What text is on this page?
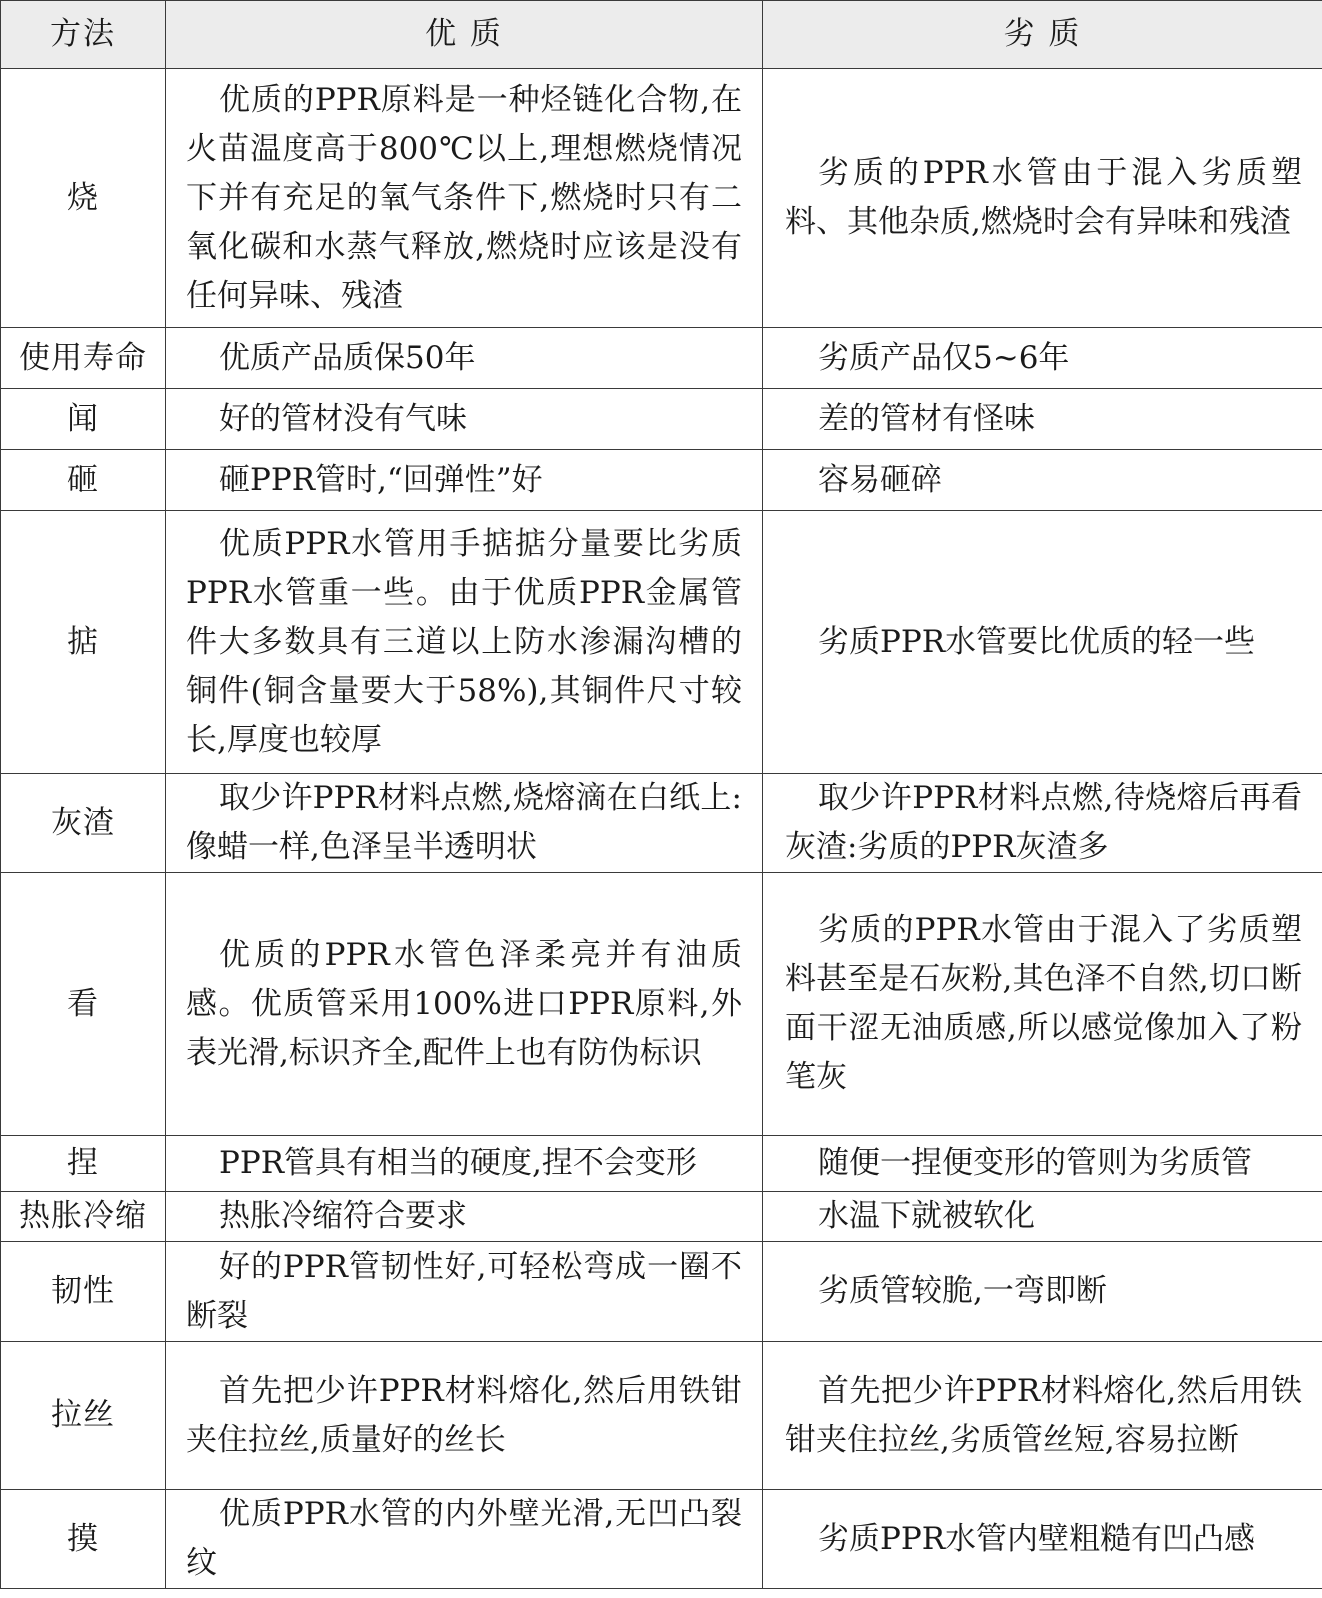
方法	优 质	劣 质
烧	优质的PPR原料是一种烃链化合物,在火苗温度高于800℃以上,理想燃烧情况下并有充足的氧气条件下,燃烧时只有二氧化碳和水蒸气释放,燃烧时应该是没有任何异味、残渣	劣质的PPR水管由于混入劣质塑料、其他杂质,燃烧时会有异味和残渣
使用寿命	优质产品质保50年	劣质产品仅5~6年
闻	好的管材没有气味	差的管材有怪味
砸	砸PPR管时,“回弹性”好	容易砸碎
掂	优质PPR水管用手掂掂分量要比劣质PPR水管重一些。由于优质PPR金属管件大多数具有三道以上防水渗漏沟槽的铜件(铜含量要大于58%),其铜件尺寸较长,厚度也较厚	劣质PPR水管要比优质的轻一些
灰渣	取少许PPR材料点燃,烧熔滴在白纸上:像蜡一样,色泽呈半透明状	取少许PPR材料点燃,待烧熔后再看灰渣:劣质的PPR灰渣多
看	优质的PPR水管色泽柔亮并有油质感。优质管采用100%进口PPR原料,外表光滑,标识齐全,配件上也有防伪标识	劣质的PPR水管由于混入了劣质塑料甚至是石灰粉,其色泽不自然,切口断面干涩无油质感,所以感觉像加入了粉笔灰
捏	PPR管具有相当的硬度,捏不会变形	随便一捏便变形的管则为劣质管
热胀冷缩	热胀冷缩符合要求	水温下就被软化
韧性	好的PPR管韧性好,可轻松弯成一圈不断裂	劣质管较脆,一弯即断
拉丝	首先把少许PPR材料熔化,然后用铁钳夹住拉丝,质量好的丝长	首先把少许PPR材料熔化,然后用铁钳夹住拉丝,劣质管丝短,容易拉断
摸	优质PPR水管的内外壁光滑,无凹凸裂纹	劣质PPR水管内壁粗糙有凹凸感
